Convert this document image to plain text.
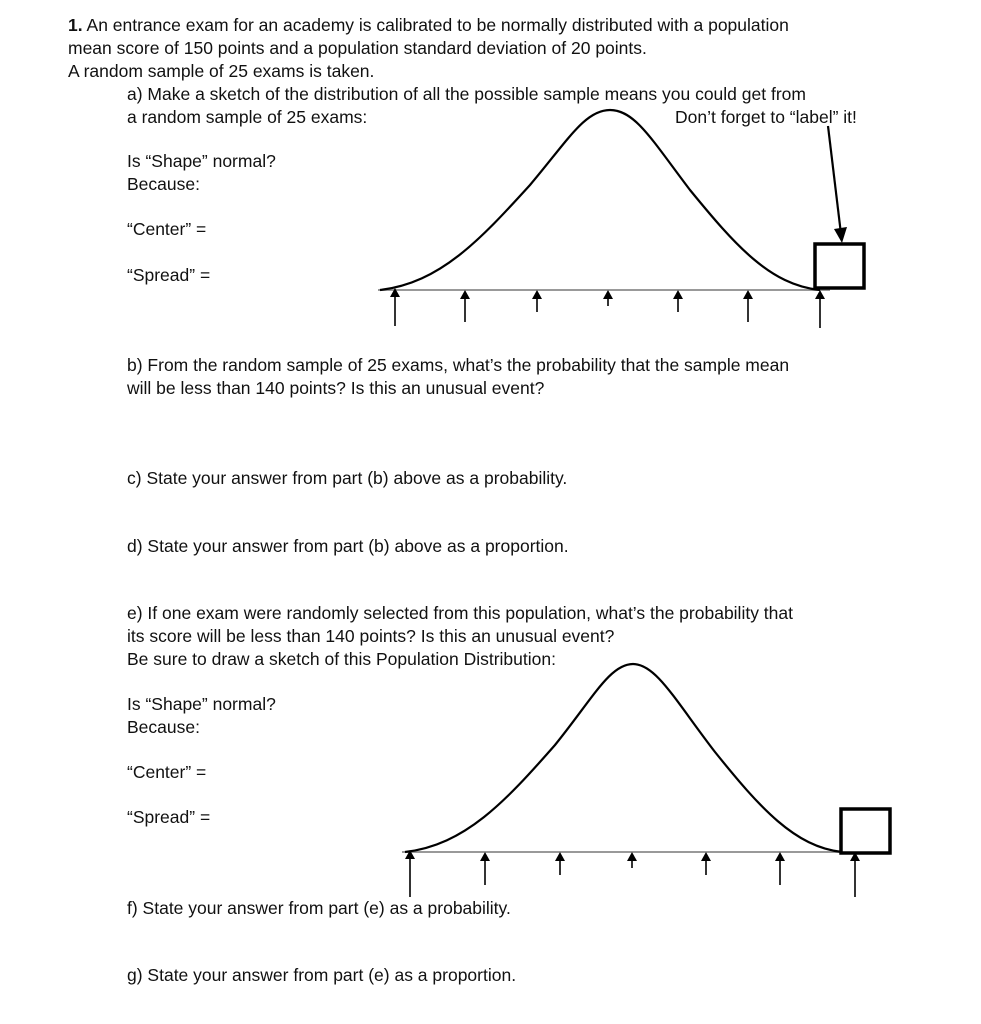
1. An entrance exam for an academy is calibrated to be normally distributed with a population

mean score of 150 points and a population standard deviation of 20 points.

A random sample of 25 exams is taken.

a) Make a sketch of the distribution of all the possible sample means you could get from

a random sample of 25 exams:	Don’t forget to “label” it!

Is “Shape” normal?

Because:

“Center” =

“Spread” =

b) From the random sample of 25 exams, what’s the probability that the sample mean

will be less than 140 points? Is this an unusual event?

c) State your answer from part (b) above as a probability.

d) State your answer from part (b) above as a proportion.

e) If one exam were randomly selected from this population, what’s the probability that

its score will be less than 140 points? Is this an unusual event?

Be sure to draw a sketch of this Population Distribution:

Is “Shape” normal?

Because:

“Center” =

“Spread” =

f) State your answer from part (e) as a probability.

g) State your answer from part (e) as a proportion.
